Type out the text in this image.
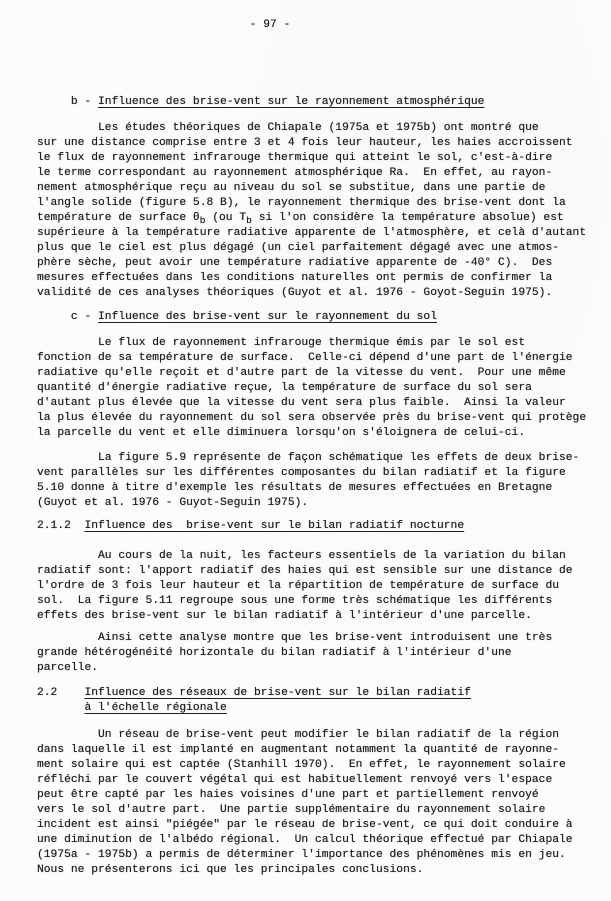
- 97 -
b - Influence des brise-vent sur le rayonnement atmosphérique
Les études théoriques de Chiapale (1975a et 1975b) ont montré que
sur une distance comprise entre 3 et 4 fois leur hauteur, les haies accroissent
le flux de rayonnement infrarouge thermique qui atteint le sol, c'est-à-dire
le terme correspondant au rayonnement atmosphérique Ra.  En effet, au rayon-
nement atmosphérique reçu au niveau du sol se substitue, dans une partie de
l'angle solide (figure 5.8 B), le rayonnement thermique des brise-vent dont la
température de surface $\theta_b$ (ou $T_b$ si l'on considère la température absolue) est
supérieure à la température radiative apparente de l'atmosphère, et celà d'autant
plus que le ciel est plus dégagé (un ciel parfaitement dégagé avec une atmos-
phère sèche, peut avoir une température radiative apparente de -40° C).  Des
mesures effectuées dans les conditions naturelles ont permis de confirmer la
validité de ces analyses théoriques (Guyot et al. 1976 - Goyot-Seguin 1975).
c - Influence des brise-vent sur le rayonnement du sol
Le flux de rayonnement infrarouge thermique émis par le sol est
fonction de sa température de surface.  Celle-ci dépend d'une part de l'énergie
radiative qu'elle reçoit et d'autre part de la vitesse du vent.  Pour une même
quantité d'énergie radiative reçue, la température de surface du sol sera
d'autant plus élevée que la vitesse du vent sera plus faible.  Ainsi la valeur
la plus élevée du rayonnement du sol sera observée près du brise-vent qui protège
la parcelle du vent et elle diminuera lorsqu'on s'éloignera de celui-ci.
La figure 5.9 représente de façon schématique les effets de deux brise-
vent parallèles sur les différentes composantes du bilan radiatif et la figure
5.10 donne à titre d'exemple les résultats de mesures effectuées en Bretagne
(Guyot et al. 1976 - Guyot-Seguin 1975).
2.1.2  Influence des  brise-vent sur le bilan radiatif nocturne
Au cours de la nuit, les facteurs essentiels de la variation du bilan
radiatif sont: l'apport radiatif des haies qui est sensible sur une distance de
l'ordre de 3 fois leur hauteur et la répartition de température de surface du
sol.  La figure 5.11 regroupe sous une forme très schématique les différents
effets des brise-vent sur le bilan radiatif à l'intérieur d'une parcelle.
Ainsi cette analyse montre que les brise-vent introduisent une très
grande hétérogénéité horizontale du bilan radiatif à l'intérieur d'une
parcelle.
2.2    Influence des réseaux de brise-vent sur le bilan radiatif
à l'échelle régionale
Un réseau de brise-vent peut modifier le bilan radiatif de la région
dans laquelle il est implanté en augmentant notamment la quantité de rayonne-
ment solaire qui est captée (Stanhill 1970).  En effet, le rayonnement solaire
réfléchi par le couvert végétal qui est habituellement renvoyé vers l'espace
peut être capté par les haies voisines d'une part et partiellement renvoyé
vers le sol d'autre part.  Une partie supplémentaire du rayonnement solaire
incident est ainsi "piégée" par le réseau de brise-vent, ce qui doit conduire à
une diminution de l'albédo régional.  Un calcul théorique effectué par Chiapale
(1975a - 1975b) a permis de déterminer l'importance des phénomènes mis en jeu.
Nous ne présenterons ici que les principales conclusions.
